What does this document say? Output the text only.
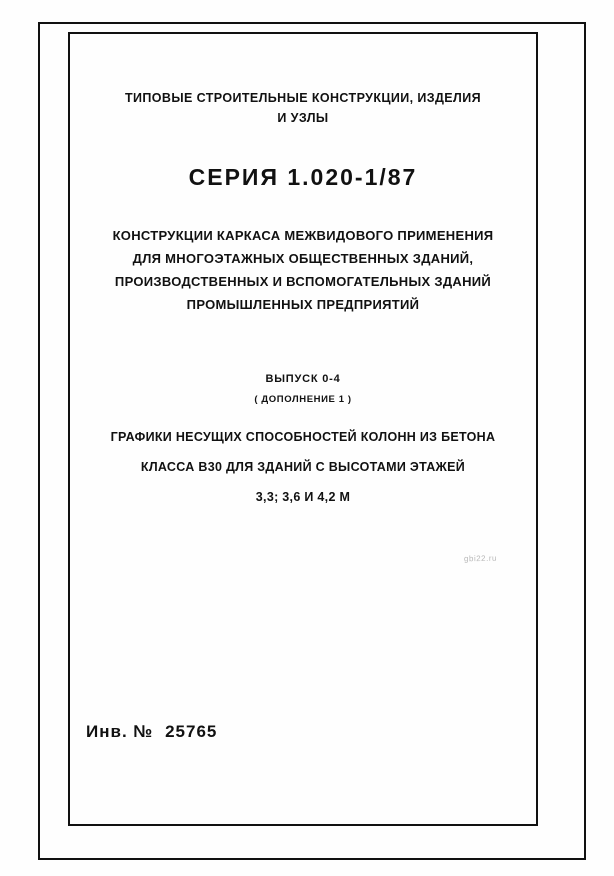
ТИПОВЫЕ СТРОИТЕЛЬНЫЕ КОНСТРУКЦИИ, ИЗДЕЛИЯ
И УЗЛЫ
СЕРИЯ 1.020-1/87
КОНСТРУКЦИИ КАРКАСА МЕЖВИДОВОГО ПРИМЕНЕНИЯ
ДЛЯ МНОГОЭТАЖНЫХ ОБЩЕСТВЕННЫХ ЗДАНИЙ,
ПРОИЗВОДСТВЕННЫХ И ВСПОМОГАТЕЛЬНЫХ ЗДАНИЙ
ПРОМЫШЛЕННЫХ ПРЕДПРИЯТИЙ
ВЫПУСК 0-4
( ДОПОЛНЕНИЕ 1 )
ГРАФИКИ НЕСУЩИХ СПОСОБНОСТЕЙ КОЛОНН ИЗ БЕТОНА
КЛАССА В30 ДЛЯ ЗДАНИЙ С ВЫСОТАМИ ЭТАЖЕЙ
3,3; 3,6 И 4,2 М
gbi22.ru
Инв. № 25765
